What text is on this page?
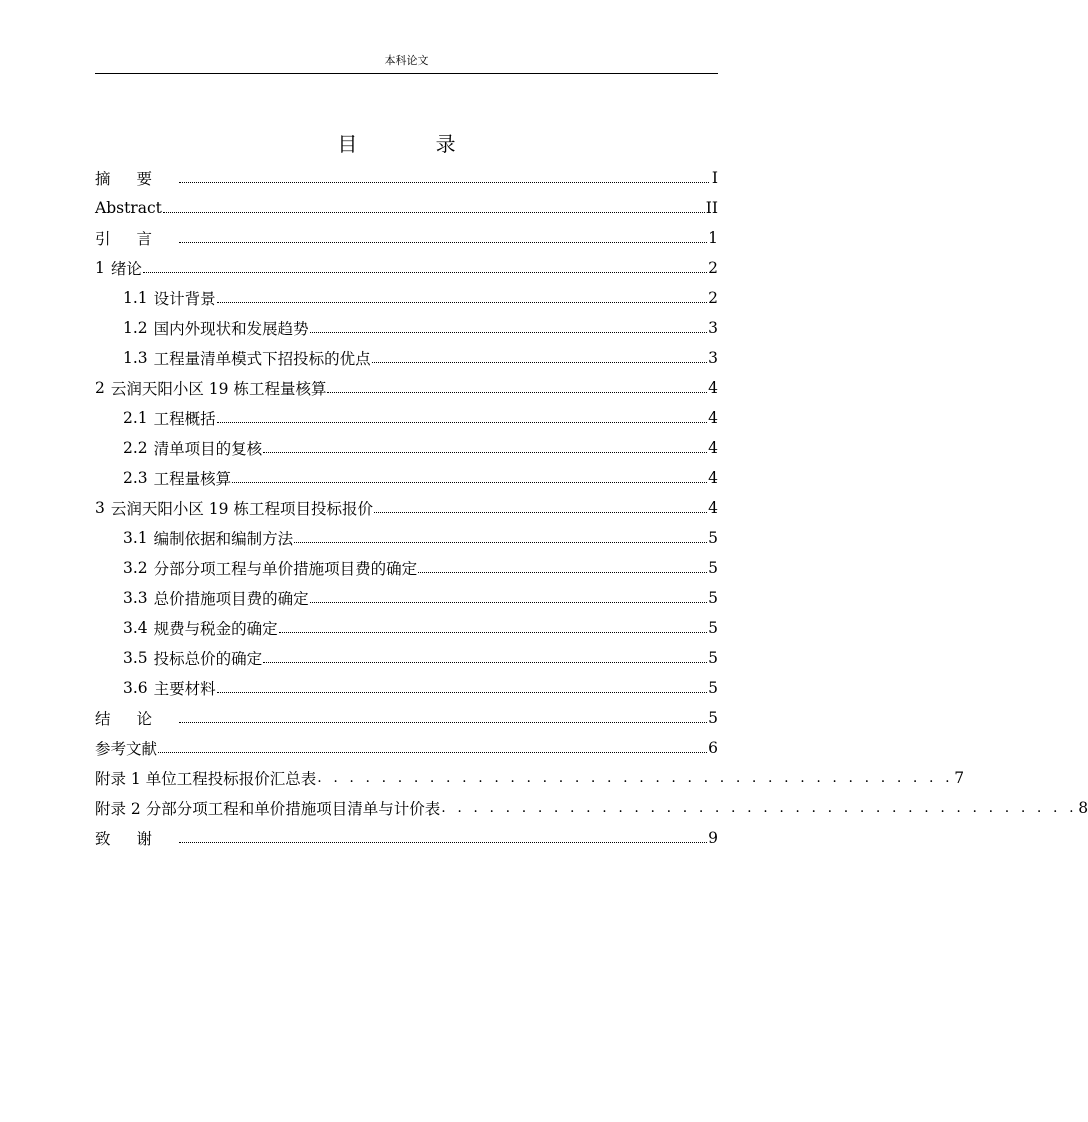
本科论文
目 录
摘要	I
Abstract	II
引言	1
1 绪论	2
1.1 设计背景	2
1.2 国内外现状和发展趋势	3
1.3 工程量清单模式下招投标的优点	3
2 云润天阳小区 19 栋工程量核算	4
2.1 工程概括	4
2.2 清单项目的复核	4
2.3 工程量核算	4
3 云润天阳小区 19 栋工程项目投标报价	4
3.1 编制依据和编制方法	5
3.2 分部分项工程与单价措施项目费的确定	5
3.3 总价措施项目费的确定	5
3.4 规费与税金的确定	5
3.5 投标总价的确定	5
3.6 主要材料	5
结论	5
参考文献	6
附录 1 单位工程投标报价汇总表 . . . . . . . . . . . . . . . . . . . . . . . . . . . . . . . . . . . . . . . . 7
附录 2 分部分项工程和单价措施项目清单与计价表 . . . . . . . . . . . . . . . . . . . . . . . . . . . . . . . . . . . . . . . . 8
致谢	9
